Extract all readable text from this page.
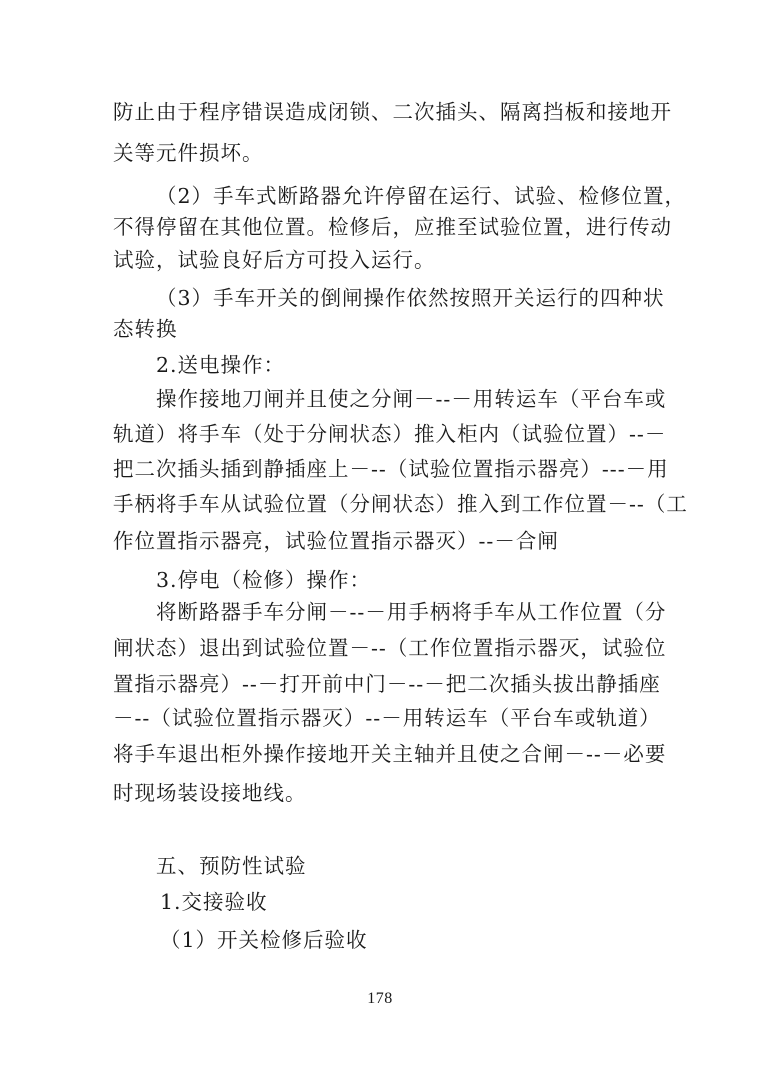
防止由于程序错误造成闭锁、二次插头、隔离挡板和接地开
关等元件损坏。
（2）手车式断路器允许停留在运行、试验、检修位置，
不得停留在其他位置。检修后，应推至试验位置，进行传动
试验，试验良好后方可投入运行。
（3）手车开关的倒闸操作依然按照开关运行的四种状
态转换
2.送电操作：
操作接地刀闸并且使之分闸－--－用转运车（平台车或
轨道）将手车（处于分闸状态）推入柜内（试验位置）--－
把二次插头插到静插座上－--（试验位置指示器亮）---－用
手柄将手车从试验位置（分闸状态）推入到工作位置－--（工
作位置指示器亮，试验位置指示器灭）--－合闸
3.停电（检修）操作：
将断路器手车分闸－--－用手柄将手车从工作位置（分
闸状态）退出到试验位置－--（工作位置指示器灭，试验位
置指示器亮）--－打开前中门－--－把二次插头拔出静插座
－--（试验位置指示器灭）--－用转运车（平台车或轨道）
将手车退出柜外操作接地开关主轴并且使之合闸－--－必要
时现场装设接地线。
五、预防性试验
1.交接验收
（1）开关检修后验收
178
